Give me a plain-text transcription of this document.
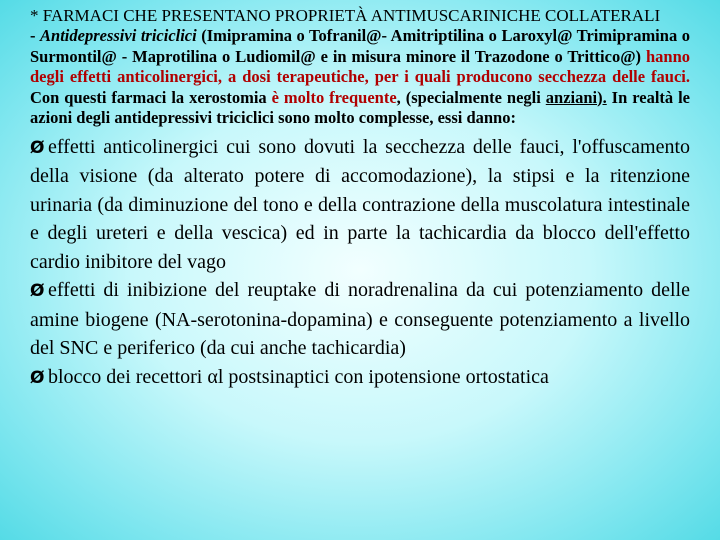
* FARMACI CHE PRESENTANO PROPRIETÀ ANTIMUSCARINICHE COLLATERALI

- Antidepressivi triciclici (Imipramina o Tofranil@- Amitriptilina o Laroxyl@ Trimipramina o Surmontil@ - Maprotilina o Ludiomil@ e in misura minore il Trazodone o Trittico@) hanno degli effetti anticolinergici, a dosi terapeutiche, per i quali producono secchezza delle fauci. Con questi farmaci la xerostomia è molto frequente, (specialmente negli anziani). In realtà le azioni degli antidepressivi triciclici sono molto complesse, essi danno:

Ø effetti anticolinergici cui sono dovuti la secchezza delle fauci, l'offuscamento della visione (da alterato potere di accomodazione), la stipsi e la ritenzione urinaria (da diminuzione del tono e della contrazione della muscolatura intestinale e degli ureteri e della vescica) ed in parte la tachicardia da blocco dell'effetto cardio inibitore del vago

Ø effetti di inibizione del reuptake di noradrenalina da cui potenziamento delle amine biogene (NA-serotonina-dopamina) e conseguente potenziamento a livello del SNC e periferico (da cui anche tachicardia)

Ø blocco dei recettori αl postsinaptici con ipotensione ortostatica
